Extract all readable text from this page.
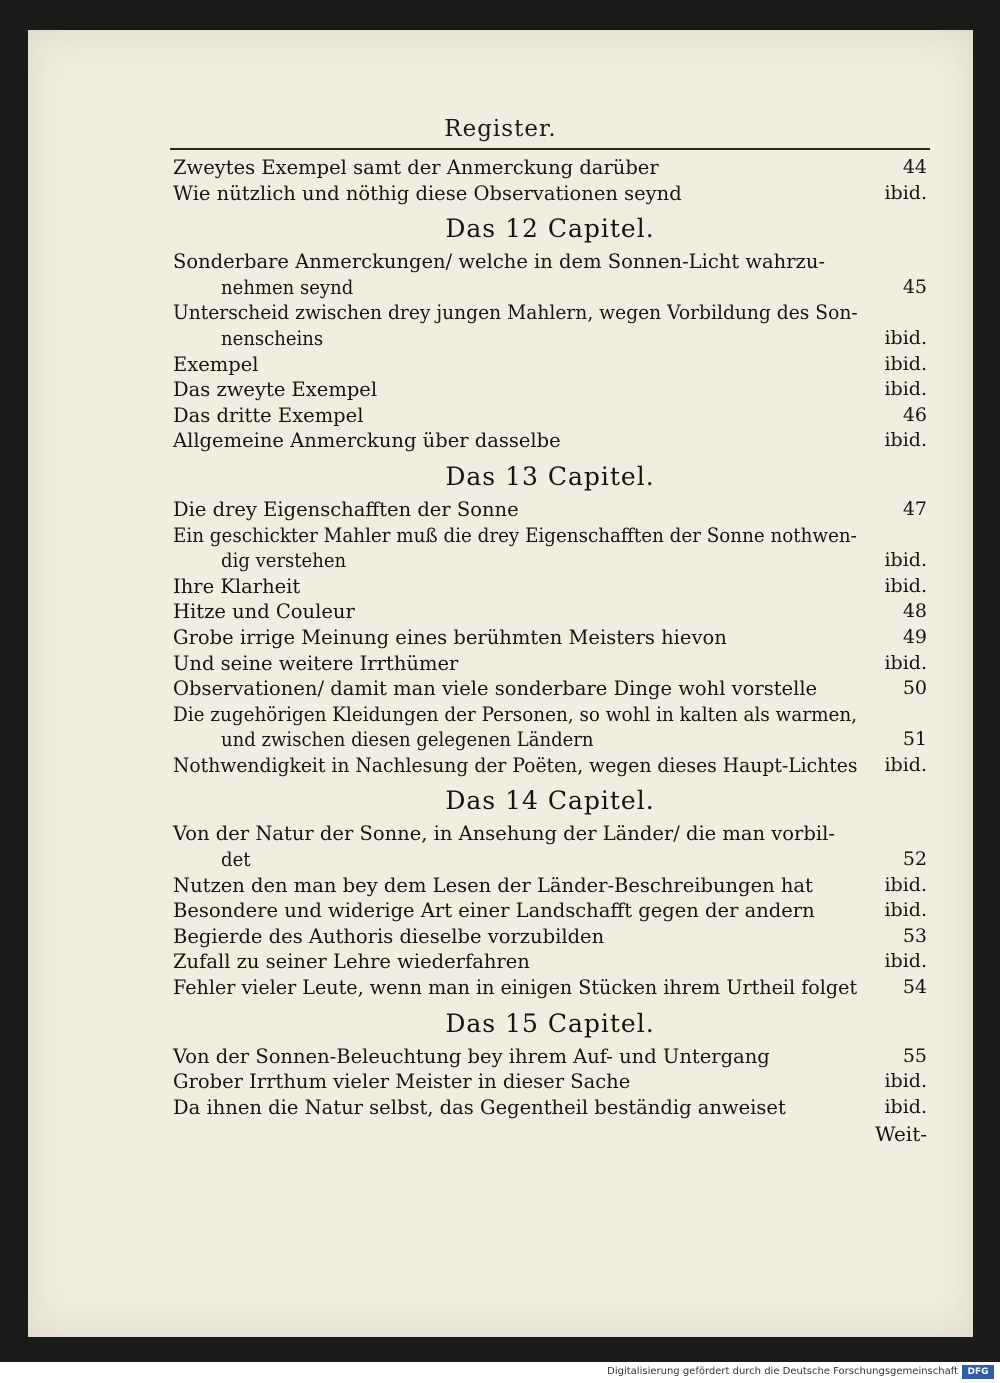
Register.
Zweytes Exempel samt der Anmerckung darüber	44
Wie nützlich und nöthig diese Observationen seynd	ibid.
Das 12 Capitel.
Sonderbare Anmerckungen/ welche in dem Sonnen-Licht wahrzu-
nehmen seynd	45
Unterscheid zwischen drey jungen Mahlern, wegen Vorbildung des Son-nenscheins	ibid.
Exempel	ibid.
Das zweyte Exempel	ibid.
Das dritte Exempel	46
Allgemeine Anmerckung über dasselbe	ibid.
Das 13 Capitel.
Die drey Eigenschafften der Sonne	47
Ein geschickter Mahler muß die drey Eigenschafften der Sonne nothwen-dig verstehen	ibid.
Ihre Klarheit	ibid.
Hitze und Couleur	48
Grobe irrige Meinung eines berühmten Meisters hievon	49
Und seine weitere Irrthümer	ibid.
Observationen/ damit man viele sonderbare Dinge wohl vorstelle	50
Die zugehörigen Kleidungen der Personen, so wohl in kalten als warmen,und zwischen diesen gelegenen Ländern	51
Nothwendigkeit in Nachlesung der Poëten, wegen dieses Haupt-Lichtes ibid.
Das 14 Capitel.
Von der Natur der Sonne, in Ansehung der Länder/ die man vorbil-
det	52
Nutzen den man bey dem Lesen der Länder-Beschreibungen hat	ibid.
Besondere und widerige Art einer Landschafft gegen der andern	ibid.
Begierde des Authoris dieselbe vorzubilden	53
Zufall zu seiner Lehre wiederfahren	ibid.
Fehler vieler Leute, wenn man in einigen Stücken ihrem Urtheil folget 54
Das 15 Capitel.
Von der Sonnen-Beleuchtung bey ihrem Auf- und Untergang	55
Grober Irrthum vieler Meister in dieser Sache	ibid.
Da ihnen die Natur selbst, das Gegentheil beständig anweiset	ibid.
Weit-
Digitalisierung gefördert durch die Deutsche Forschungsgemeinschaft	DFG
